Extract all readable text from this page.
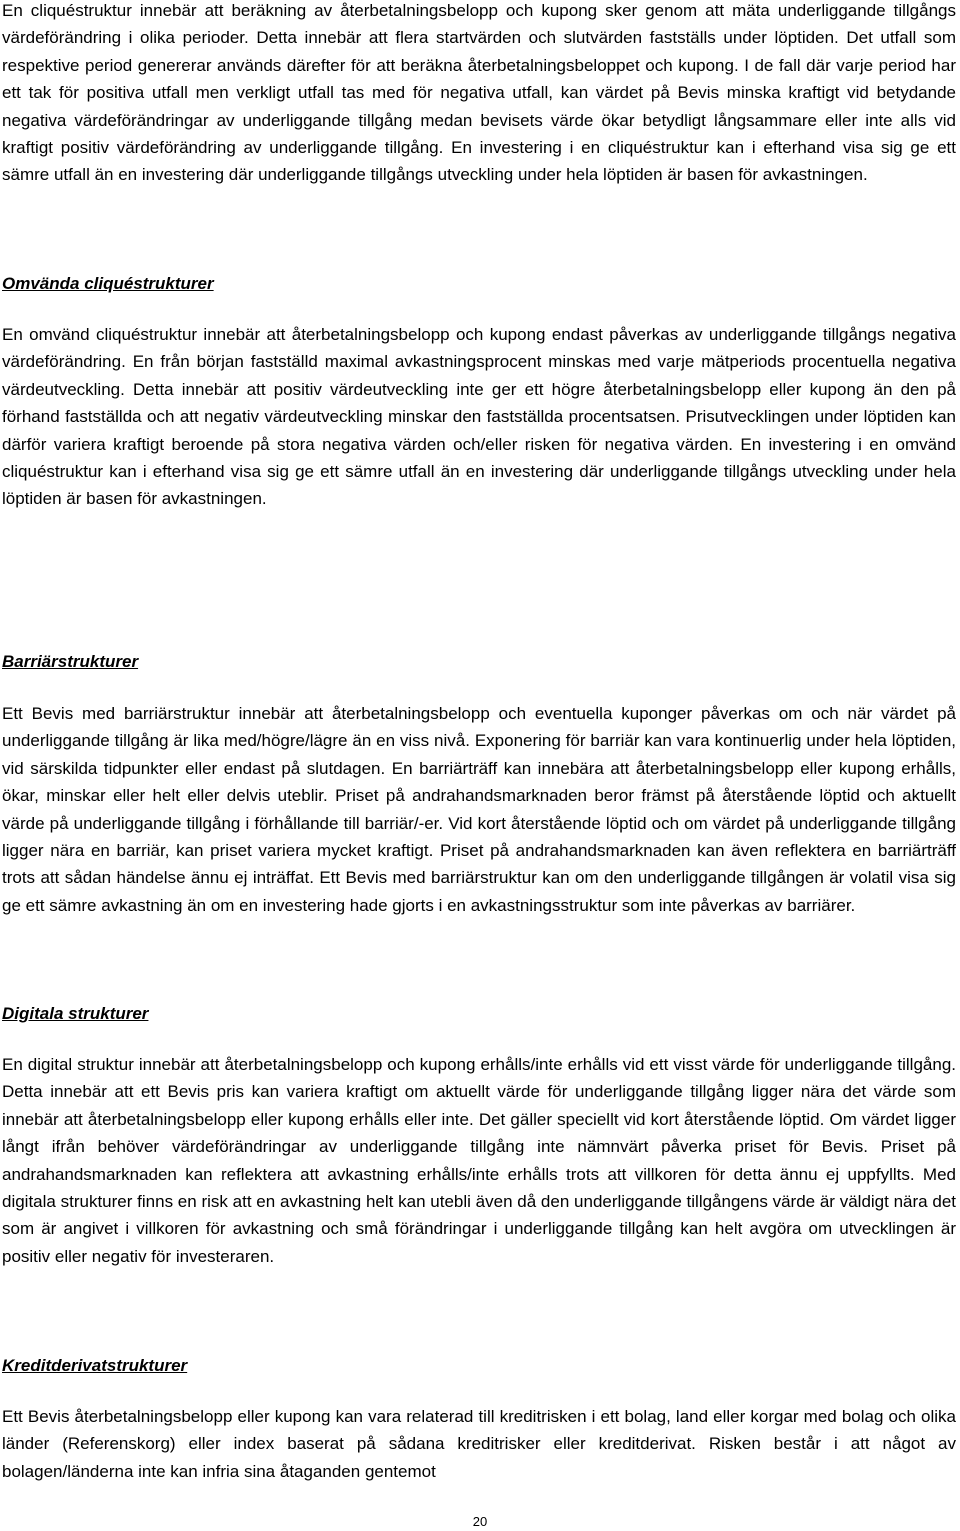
En cliquéstruktur innebär att beräkning av återbetalningsbelopp och kupong sker genom att mäta underliggande tillgångs värdeförändring i olika perioder. Detta innebär att flera startvärden och slutvärden fastställs under löptiden. Det utfall som respektive period genererar används därefter för att beräkna återbetalningsbeloppet och kupong. I de fall där varje period har ett tak för positiva utfall men verkligt utfall tas med för negativa utfall, kan värdet på Bevis minska kraftigt vid betydande negativa värdeförändringar av underliggande tillgång medan bevisets värde ökar betydligt långsammare eller inte alls vid kraftigt positiv värdeförändring av underliggande tillgång. En investering i en cliquéstruktur kan i efterhand visa sig ge ett sämre utfall än en investering där underliggande tillgångs utveckling under hela löptiden är basen för avkastningen.

Omvända cliquéstrukturer

En omvänd cliquéstruktur innebär att återbetalningsbelopp och kupong endast påverkas av underliggande tillgångs negativa värdeförändring. En från början fastställd maximal avkastningsprocent minskas med varje mätperiods procentuella negativa värdeutveckling. Detta innebär att positiv värdeutveckling inte ger ett högre återbetalningsbelopp eller kupong än den på förhand fastställda och att negativ värdeutveckling minskar den fastställda procentsatsen. Prisutvecklingen under löptiden kan därför variera kraftigt beroende på stora negativa värden och/eller risken för negativa värden. En investering i en omvänd cliquéstruktur kan i efterhand visa sig ge ett sämre utfall än en investering där underliggande tillgångs utveckling under hela löptiden är basen för avkastningen.

Barriärstrukturer

Ett Bevis med barriärstruktur innebär att återbetalningsbelopp och eventuella kuponger påverkas om och när värdet på underliggande tillgång är lika med/högre/lägre än en viss nivå. Exponering för barriär kan vara kontinuerlig under hela löptiden, vid särskilda tidpunkter eller endast på slutdagen. En barriärträff kan innebära att återbetalningsbelopp eller kupong erhålls, ökar, minskar eller helt eller delvis uteblir. Priset på andrahandsmarknaden beror främst på återstående löptid och aktuellt värde på underliggande tillgång i förhållande till barriär/-er. Vid kort återstående löptid och om värdet på underliggande tillgång ligger nära en barriär, kan priset variera mycket kraftigt. Priset på andrahandsmarknaden kan även reflektera en barriärträff trots att sådan händelse ännu ej inträffat. Ett Bevis med barriärstruktur kan om den underliggande tillgången är volatil visa sig ge ett sämre avkastning än om en investering hade gjorts i en avkastningsstruktur som inte påverkas av barriärer.

Digitala strukturer

En digital struktur innebär att återbetalningsbelopp och kupong erhålls/inte erhålls vid ett visst värde för underliggande tillgång. Detta innebär att ett Bevis pris kan variera kraftigt om aktuellt värde för underliggande tillgång ligger nära det värde som innebär att återbetalningsbelopp eller kupong erhålls eller inte. Det gäller speciellt vid kort återstående löptid. Om värdet ligger långt ifrån behöver värdeförändringar av underliggande tillgång inte nämnvärt påverka priset för Bevis. Priset på andrahandsmarknaden kan reflektera att avkastning erhålls/inte erhålls trots att villkoren för detta ännu ej uppfyllts. Med digitala strukturer finns en risk att en avkastning helt kan utebli även då den underliggande tillgångens värde är väldigt nära det som är angivet i villkoren för avkastning och små förändringar i underliggande tillgång kan helt avgöra om utvecklingen är positiv eller negativ för investeraren.

Kreditderivatstrukturer

Ett Bevis återbetalningsbelopp eller kupong kan vara relaterad till kreditrisken i ett bolag, land eller korgar med bolag och olika länder (Referenskorg) eller index baserat på sådana kreditrisker eller kreditderivat. Risken består i att något av bolagen/länderna inte kan infria sina åtaganden gentemot

20
